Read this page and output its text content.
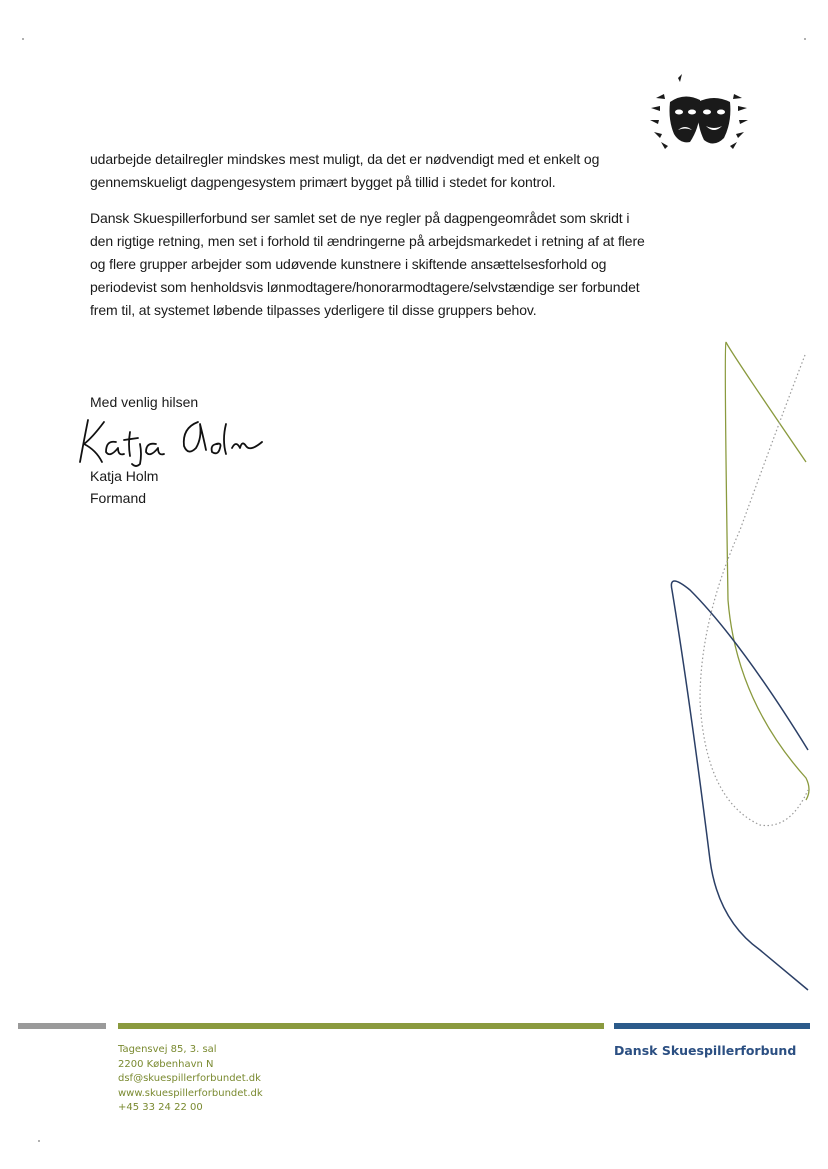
udarbejde detailregler mindskes mest muligt, da det er nødvendigt med et enkelt og gennemskueligt dagpengesystem primært bygget på tillid i stedet for kontrol.

Dansk Skuespillerforbund ser samlet set de nye regler på dagpengeområdet som skridt i den rigtige retning, men set i forhold til ændringerne på arbejdsmarkedet i retning af at flere og flere grupper arbejder som udøvende kunstnere i skiftende ansættelsesforhold og periodevist som henholdsvis lønmodtagere/honorarmodtagere/selvstændige ser forbundet frem til, at systemet løbende tilpasses yderligere til disse gruppers behov.

Med venlig hilsen
Katja Holm
Formand
Tagensvej 85, 3. sal
2200 København N
dsf@skuespillerforbundet.dk
www.skuespillerforbundet.dk
+45 33 24 22 00
Dansk Skuespillerforbund
